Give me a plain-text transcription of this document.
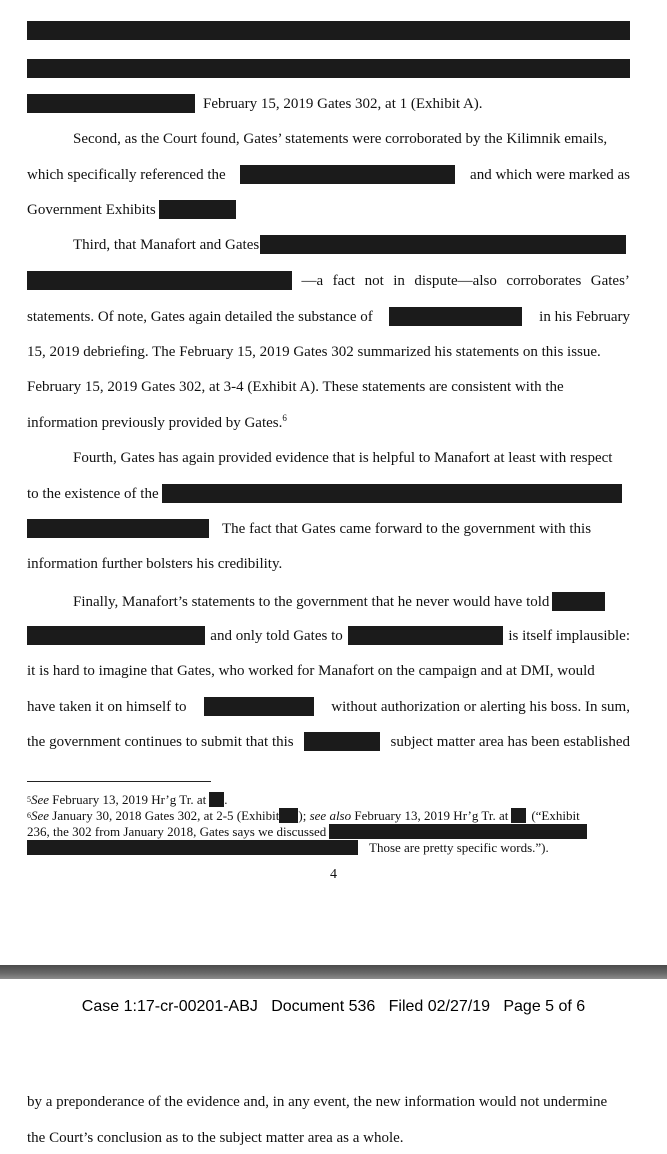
February 15, 2019 Gates 302, at 1 (Exhibit A).
Second, as the Court found, Gates’ statements were corroborated by the Kilimnik emails,
which specifically referenced the	and which were marked as
Government Exhibits
Third, that Manafort and Gates
—a fact not in dispute—also corroborates Gates’
statements. Of note, Gates again detailed the substance of	in his February
15, 2019 debriefing. The February 15, 2019 Gates 302 summarized his statements on this issue.
February 15, 2019 Gates 302, at 3-4 (Exhibit A). These statements are consistent with the
information previously provided by Gates.$^6$
Fourth, Gates has again provided evidence that is helpful to Manafort at least with respect
to the existence of the
The fact that Gates came forward to the government with this
information further bolsters his credibility.
Finally, Manafort’s statements to the government that he never would have told
and only told Gates to	is itself implausible:
it is hard to imagine that Gates, who worked for Manafort on the campaign and at DMI, would
have taken it on himself to	without authorization or alerting his boss. In sum,
the government continues to submit that this	subject matter area has been established
5 See February 13, 2019 Hr’g Tr. at .
6 See January 30, 2018 Gates 302, at 2-5 (Exhibit ); see also February 13, 2019 Hr’g Tr. at (“Exhibit
236, the 302 from January 2018, Gates says we discussed
Those are pretty specific words.”).
4
Case 1:17-cr-00201-ABJ   Document 536   Filed 02/27/19   Page 5 of 6
by a preponderance of the evidence and, in any event, the new information would not undermine
the Court’s conclusion as to the subject matter area as a whole.
